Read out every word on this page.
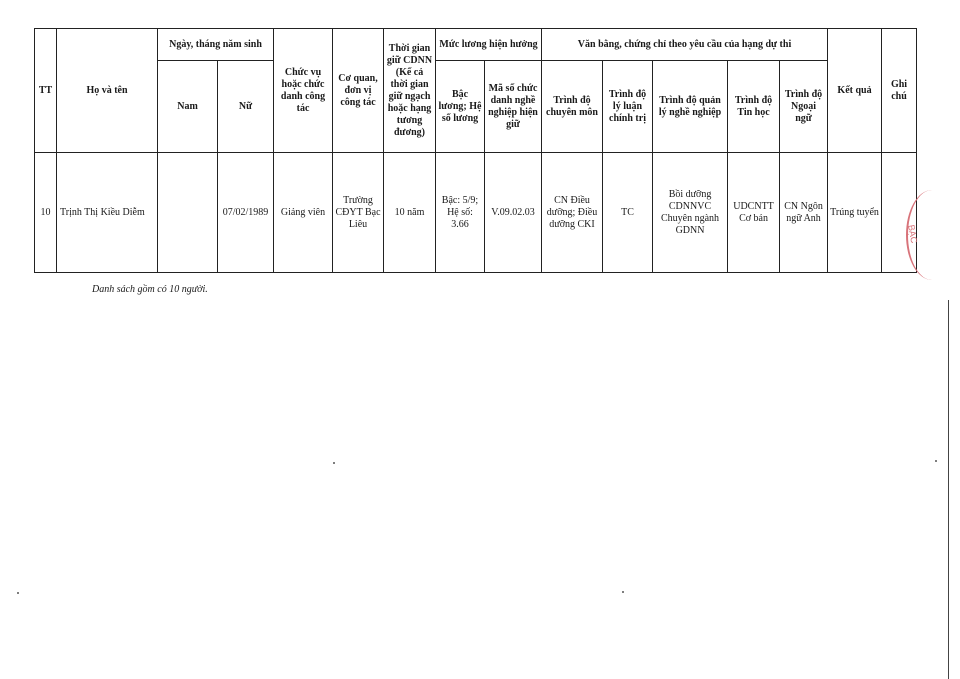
TT	Họ và tên	Ngày, tháng năm sinh		Chức vụ hoặc chức danh công tác	Cơ quan, đơn vị công tác	Thời gian giữ CDNN (Kể cả thời gian giữ ngạch hoặc hạng tương đương)	Mức lương hiện hưởng		Văn bằng, chứng chỉ theo yêu cầu của hạng dự thi					Kết quả	Ghi chú
		Nam	Nữ				Bậc lương; Hệ số lương	Mã số chức danh nghề nghiệp hiện giữ	Trình độ chuyên môn	Trình độ lý luận chính trị	Trình độ quản lý nghề nghiệp	Trình độ Tin học	Trình độ Ngoại ngữ		
10	Trịnh Thị Kiều Diễm		07/02/1989	Giảng viên	Trường CĐYT Bạc Liêu	10 năm	Bậc: 5/9; Hệ số: 3.66	V.09.02.03	CN Điều dưỡng; Điều dưỡng CKI	TC	Bồi dưỡng CDNNVC Chuyên ngành GDNN	UDCNTT Cơ bản	CN Ngôn ngữ Anh	Trúng tuyển	
Danh sách gồm có 10 người.
BẠC
